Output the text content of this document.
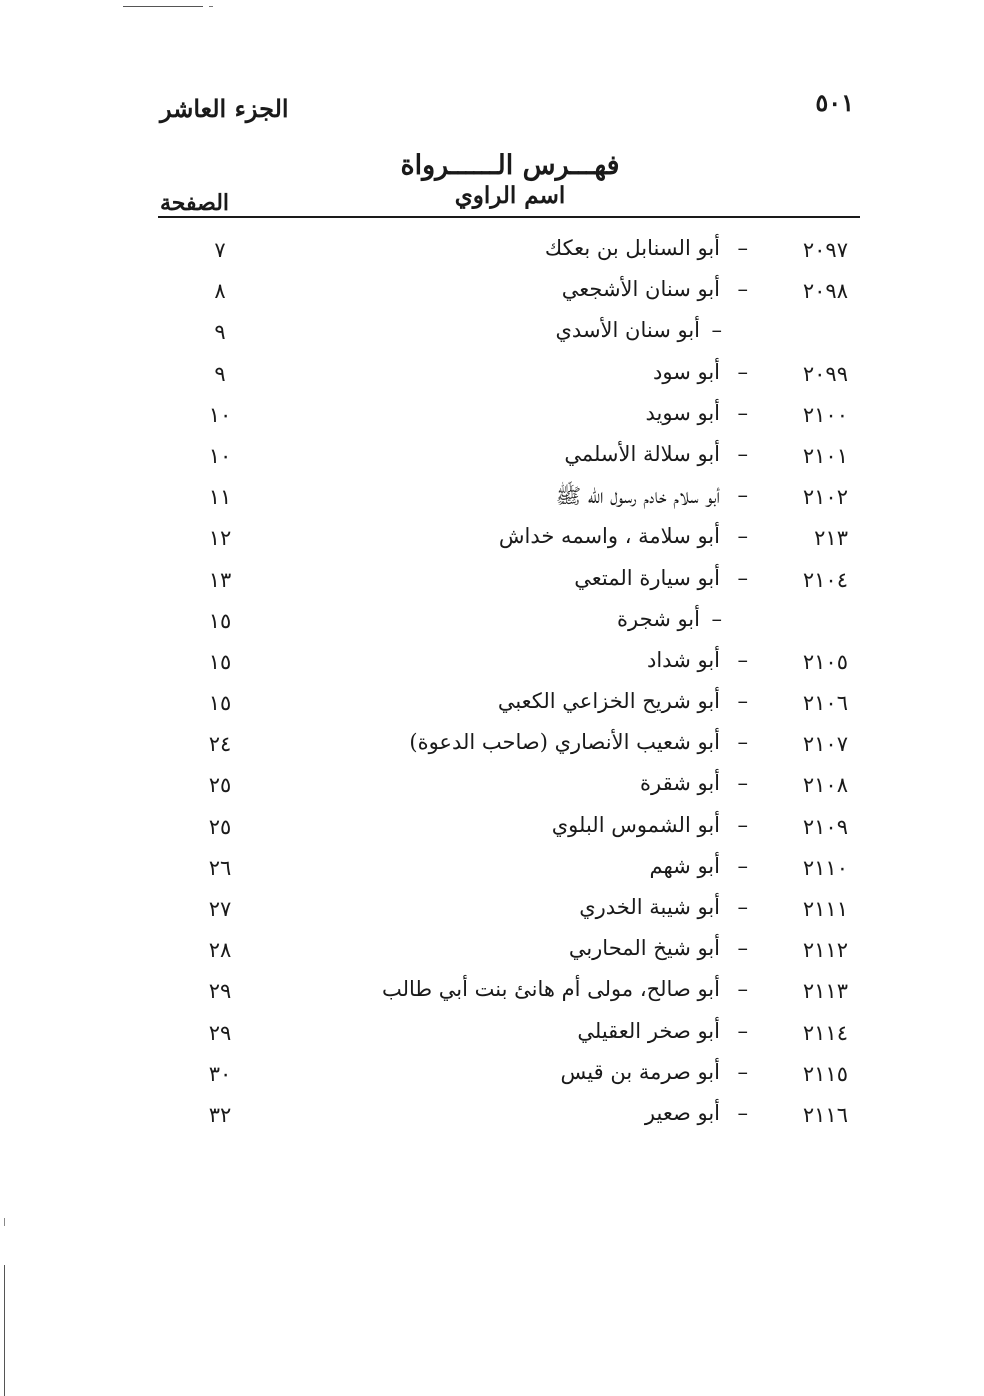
٥٠١
الجزء العاشر
فهـــرس الــــــرواة
اسم الراوي
الصفحة
٢٠٩٧
–
أبو السنابل بن بعكك
٧
٢٠٩٨
–
أبو سنان الأشجعي
٨
–
أبو سنان الأسدي
٩
٢٠٩٩
–
أبو سود
٩
٢١٠٠
–
أبو سويد
١٠
٢١٠١
–
أبو سلالة الأسلمي
١٠
٢١٠٢
–
أبو سلام خادم رسول الله ﷺ
١١
٢١٣
–
أبو سلامة ، واسمه خداش
١٢
٢١٠٤
–
أبو سيارة المتعي
١٣
–
أبو شجرة
١٥
٢١٠٥
–
أبو شداد
١٥
٢١٠٦
–
أبو شريح الخزاعي الكعبي
١٥
٢١٠٧
–
أبو شعيب الأنصاري (صاحب الدعوة)
٢٤
٢١٠٨
–
أبو شقرة
٢٥
٢١٠٩
–
أبو الشموس البلوي
٢٥
٢١١٠
–
أبو شهم
٢٦
٢١١١
–
أبو شيبة الخدري
٢٧
٢١١٢
–
أبو شيخ المحاربي
٢٨
٢١١٣
–
أبو صالح، مولى أم هانئ بنت أبي طالب
٢٩
٢١١٤
–
أبو صخر العقيلي
٢٩
٢١١٥
–
أبو صرمة بن قيس
٣٠
٢١١٦
–
أبو صعير
٣٢
